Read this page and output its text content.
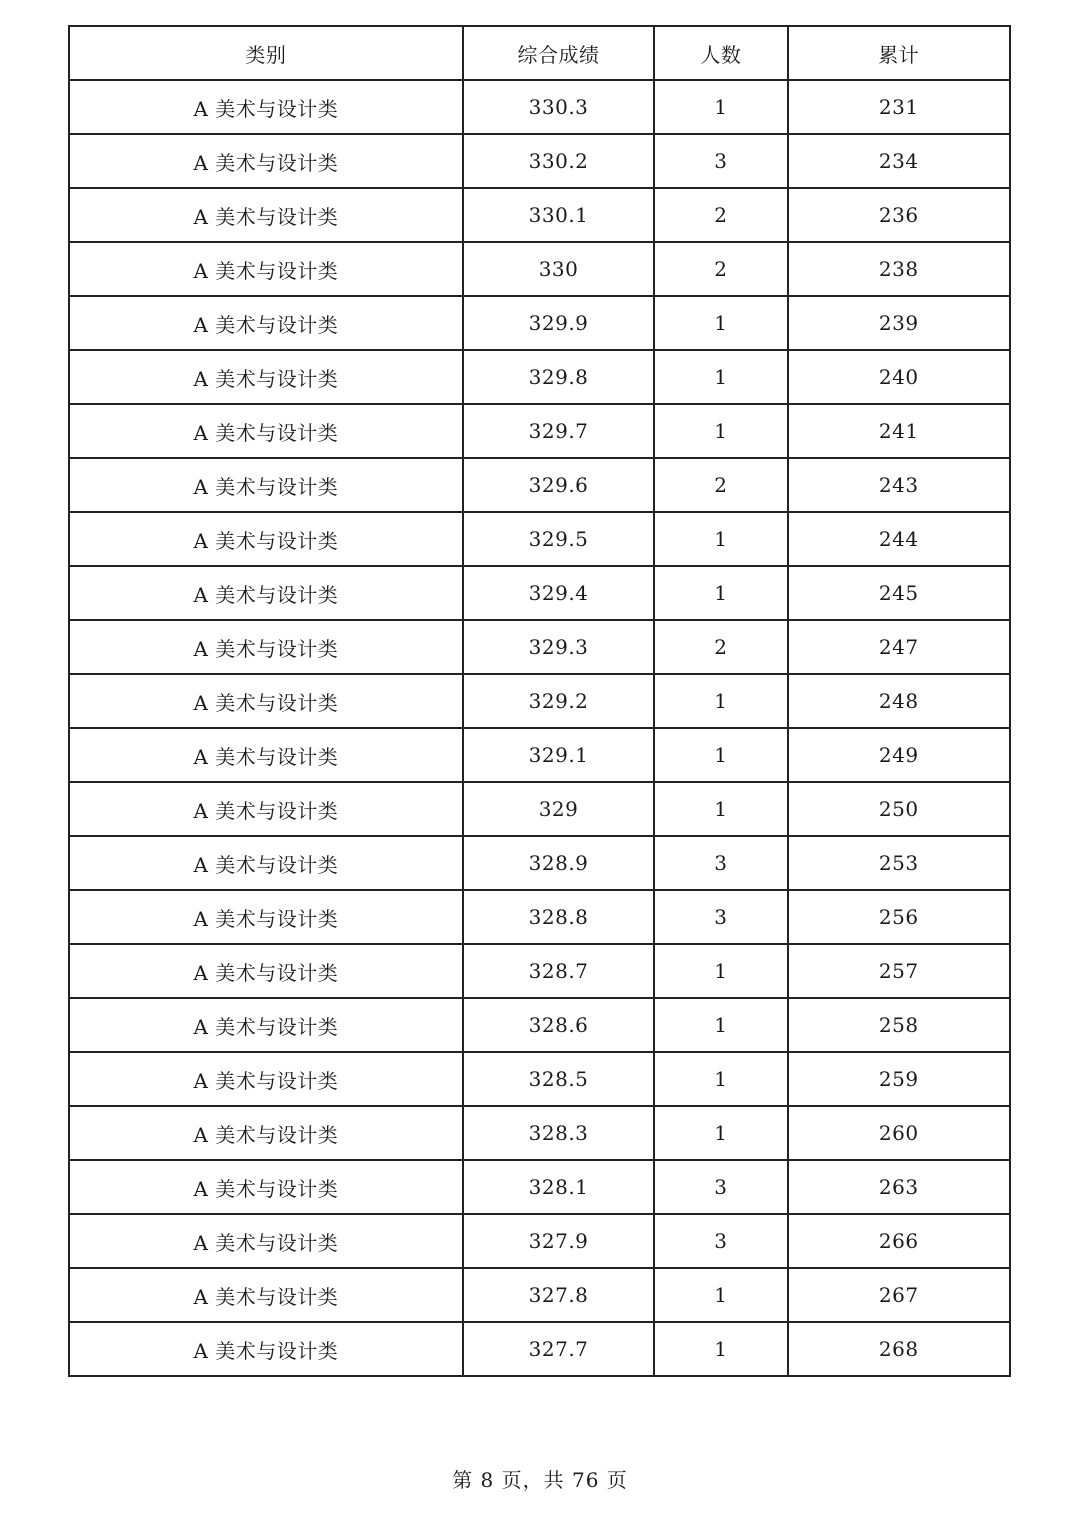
类别	综合成绩	人数	累计
A 美术与设计类	330.3	1	231
A 美术与设计类	330.2	3	234
A 美术与设计类	330.1	2	236
A 美术与设计类	330	2	238
A 美术与设计类	329.9	1	239
A 美术与设计类	329.8	1	240
A 美术与设计类	329.7	1	241
A 美术与设计类	329.6	2	243
A 美术与设计类	329.5	1	244
A 美术与设计类	329.4	1	245
A 美术与设计类	329.3	2	247
A 美术与设计类	329.2	1	248
A 美术与设计类	329.1	1	249
A 美术与设计类	329	1	250
A 美术与设计类	328.9	3	253
A 美术与设计类	328.8	3	256
A 美术与设计类	328.7	1	257
A 美术与设计类	328.6	1	258
A 美术与设计类	328.5	1	259
A 美术与设计类	328.3	1	260
A 美术与设计类	328.1	3	263
A 美术与设计类	327.9	3	266
A 美术与设计类	327.8	1	267
A 美术与设计类	327.7	1	268
第 8 页，共 76 页
